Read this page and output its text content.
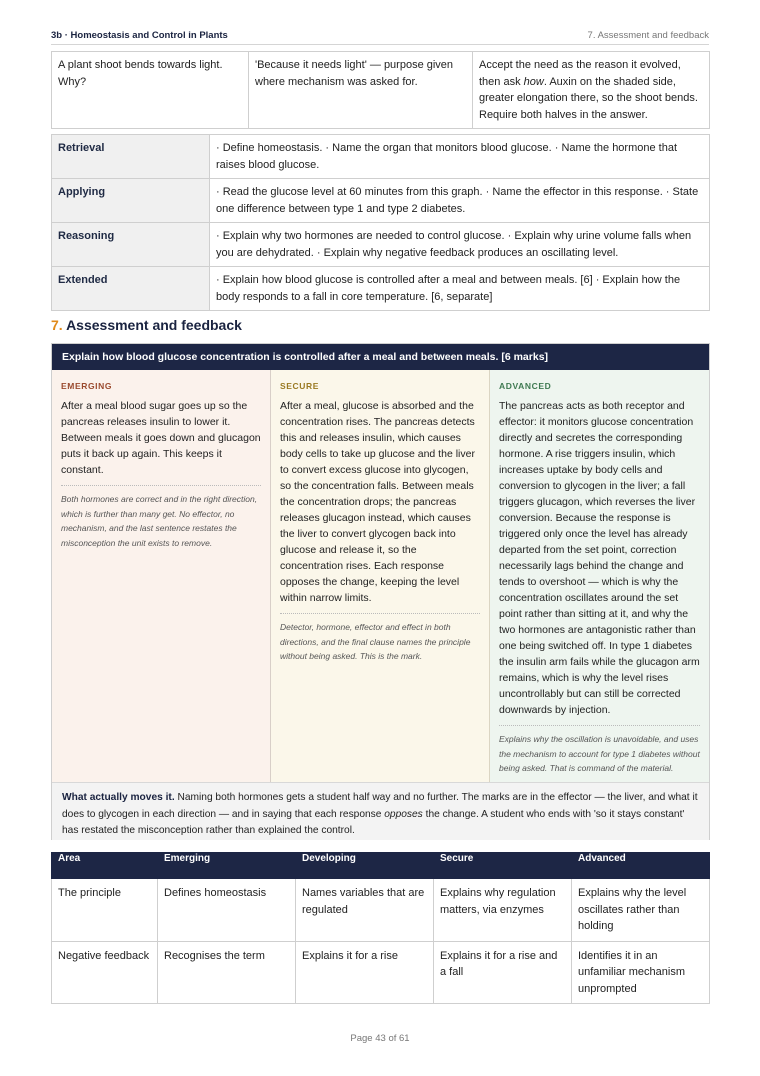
3b · Homeostasis and Control in Plants	7. Assessment and feedback
A plant shoot bends towards light. Why?	'Because it needs light' — purpose given where mechanism was asked for.	Accept the need as the reason it evolved, then ask how. Auxin on the shaded side, greater elongation there, so the shoot bends. Require both halves in the answer.
Retrieval	· Define homeostasis. · Name the organ that monitors blood glucose. · Name the hormone that raises blood glucose.
Applying	· Read the glucose level at 60 minutes from this graph. · Name the effector in this response. · State one difference between type 1 and type 2 diabetes.
Reasoning	· Explain why two hormones are needed to control glucose. · Explain why urine volume falls when you are dehydrated. · Explain why negative feedback produces an oscillating level.
Extended	· Explain how blood glucose is controlled after a meal and between meals. [6] · Explain how the body responds to a fall in core temperature. [6, separate]
7. Assessment and feedback
Explain how blood glucose concentration is controlled after a meal and between meals. [6 marks]
EMERGING
After a meal blood sugar goes up so the pancreas releases insulin to lower it. Between meals it goes down and glucagon puts it back up again. This keeps it constant.
Both hormones are correct and in the right direction, which is further than many get. No effector, no mechanism, and the last sentence restates the misconception the unit exists to remove.
SECURE
After a meal, glucose is absorbed and the concentration rises. The pancreas detects this and releases insulin, which causes body cells to take up glucose and the liver to convert excess glucose into glycogen, so the concentration falls. Between meals the concentration drops; the pancreas releases glucagon instead, which causes the liver to convert glycogen back into glucose and release it, so the concentration rises. Each response opposes the change, keeping the level within narrow limits.
Detector, hormone, effector and effect in both directions, and the final clause names the principle without being asked. This is the mark.
ADVANCED
The pancreas acts as both receptor and effector: it monitors glucose concentration directly and secretes the corresponding hormone. A rise triggers insulin, which increases uptake by body cells and conversion to glycogen in the liver; a fall triggers glucagon, which reverses the liver conversion. Because the response is triggered only once the level has already departed from the set point, correction necessarily lags behind the change and tends to overshoot — which is why the concentration oscillates around the set point rather than sitting at it, and why the two hormones are antagonistic rather than one being switched off. In type 1 diabetes the insulin arm fails while the glucagon arm remains, which is why the level rises uncontrollably but can still be corrected downwards by injection.
Explains why the oscillation is unavoidable, and uses the mechanism to account for type 1 diabetes without being asked. That is command of the material.
What actually moves it. Naming both hormones gets a student half way and no further. The marks are in the effector — the liver, and what it does to glycogen in each direction — and in saying that each response opposes the change. A student who ends with 'so it stays constant' has restated the misconception rather than explained the control.
Area	Emerging	Developing	Secure	Advanced
The principle	Defines homeostasis	Names variables that are regulated	Explains why regulation matters, via enzymes	Explains why the level oscillates rather than holding
Negative feedback	Recognises the term	Explains it for a rise	Explains it for a rise and a fall	Identifies it in an unfamiliar mechanism unprompted
Page 43 of 61
